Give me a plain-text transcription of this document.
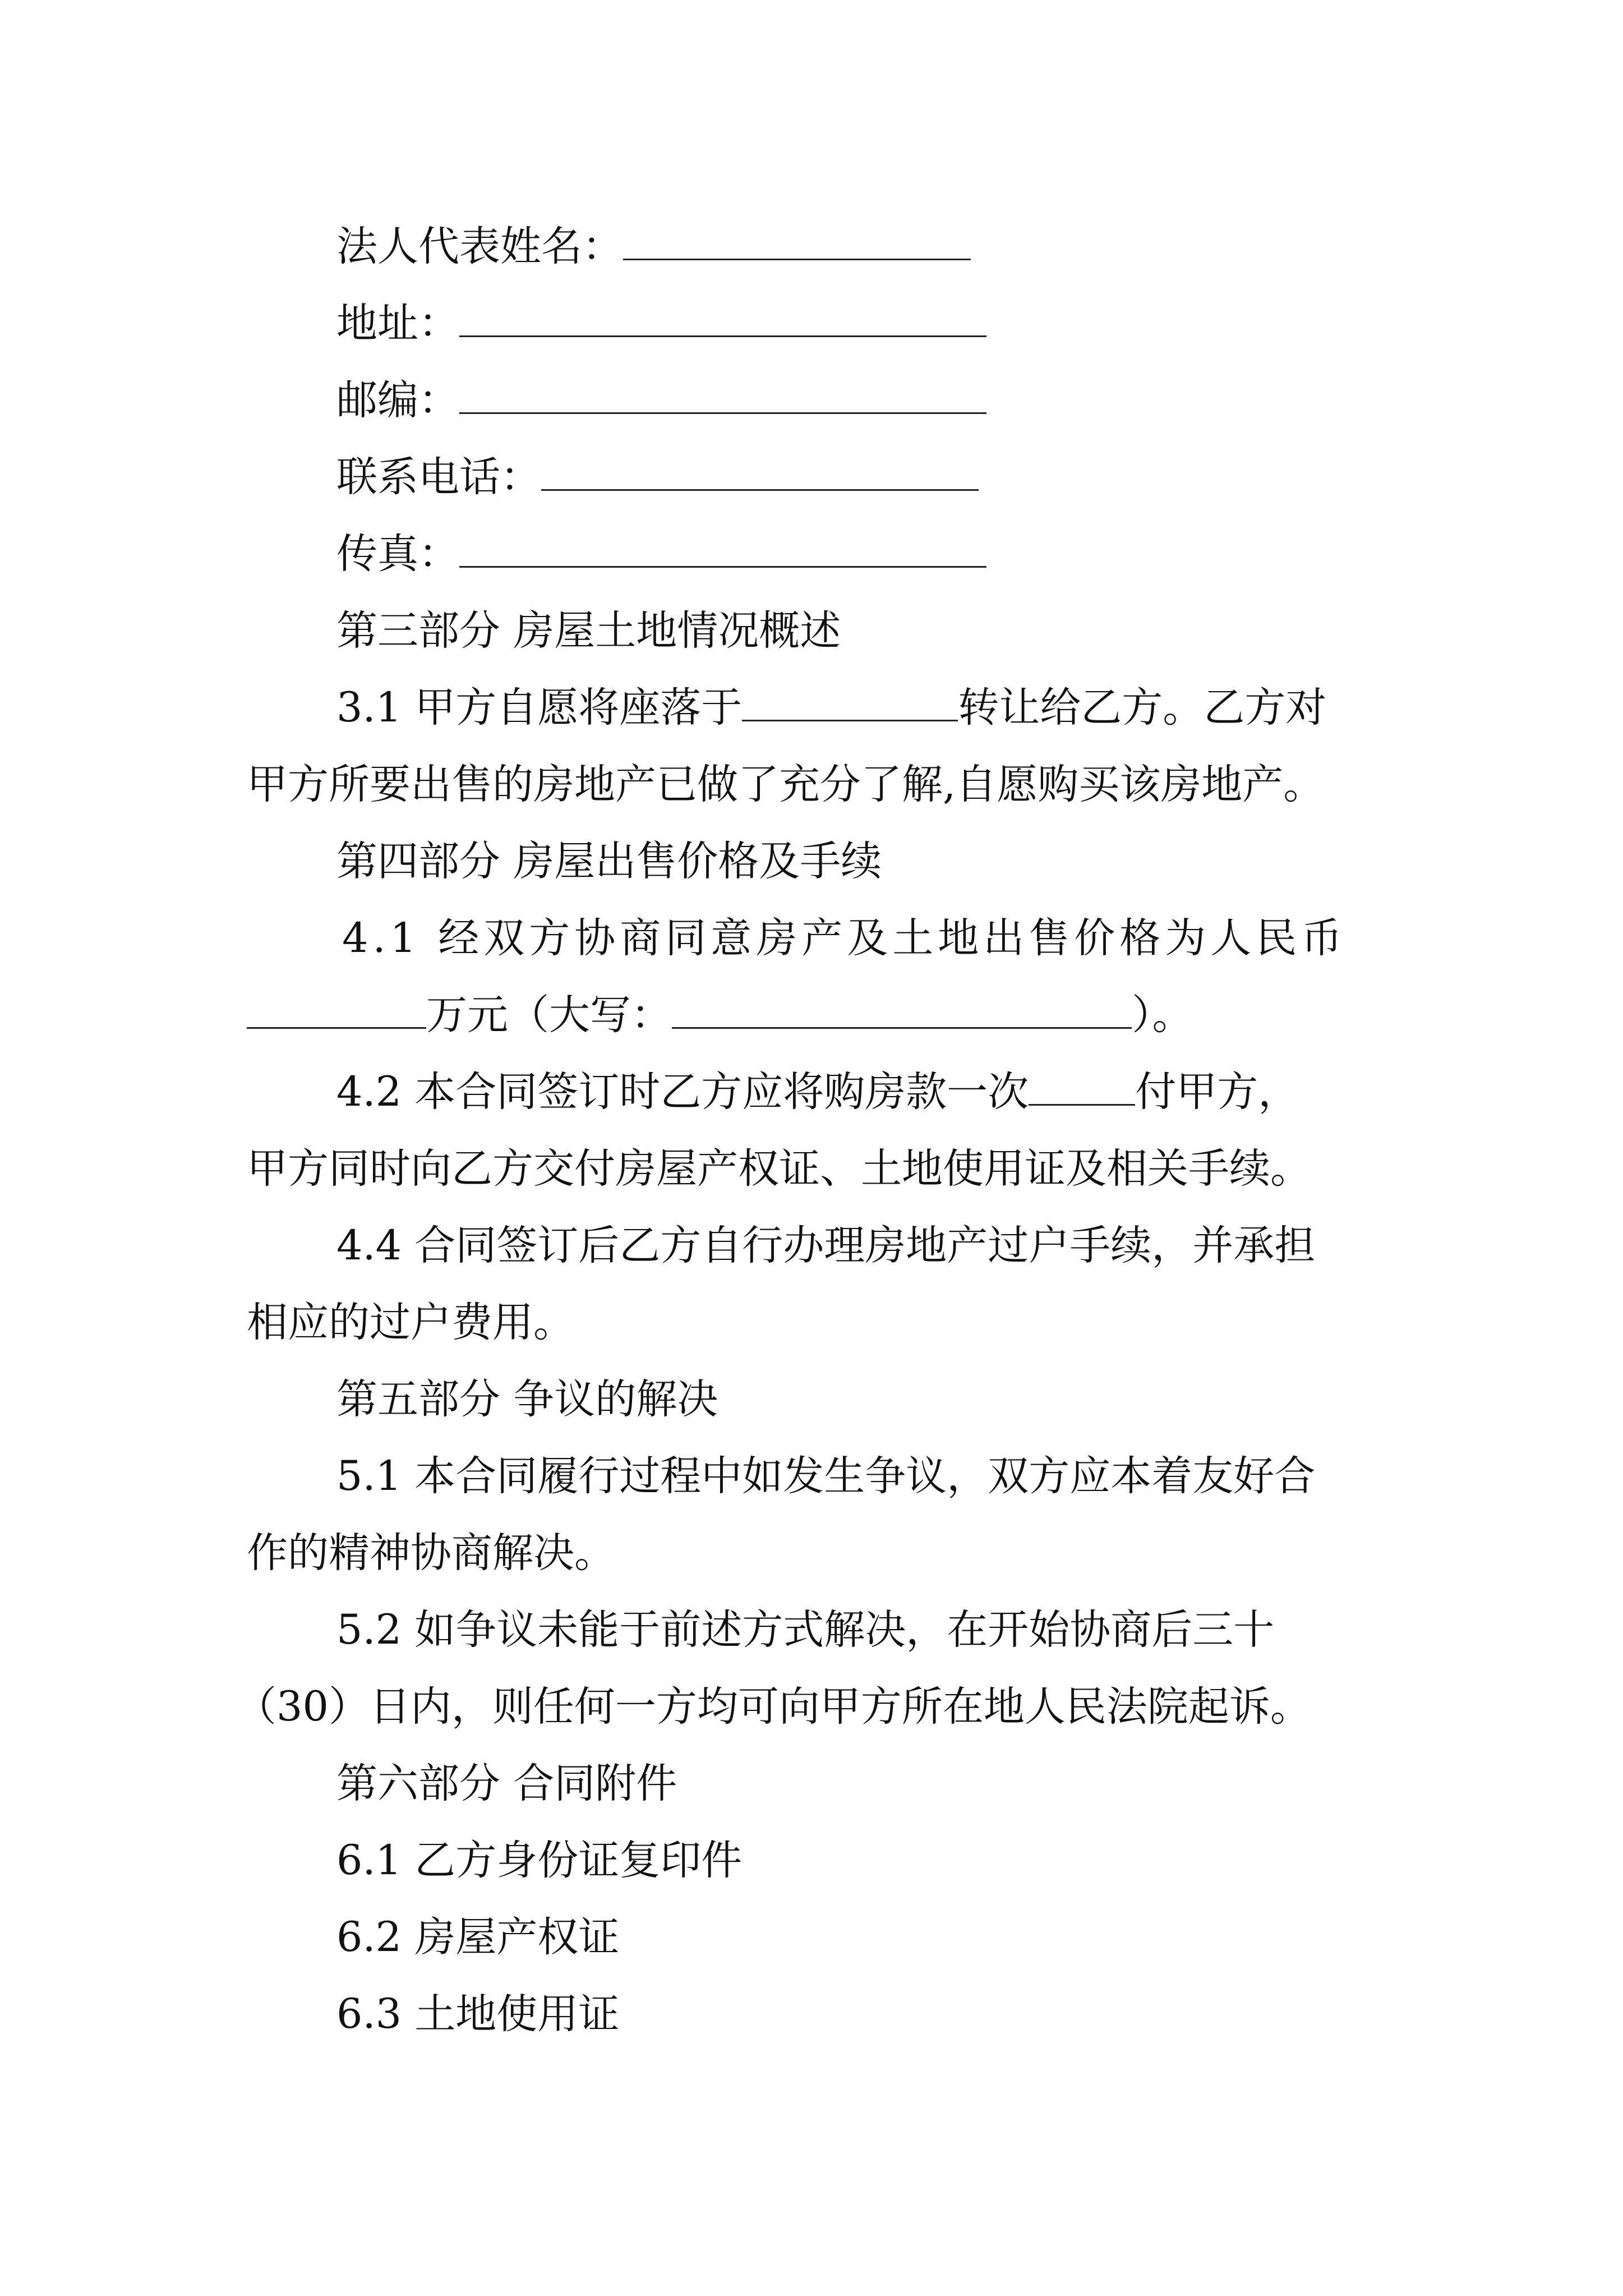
法人代表姓名：
地址：
邮编：
联系电话：
传真：
第三部分 房屋土地情况概述
3.1 甲方自愿将座落于	转让给乙方。乙方对
甲方所要出售的房地产已做了充分了解,自愿购买该房地产。
第四部分 房屋出售价格及手续
4.1 经双方协商同意房产及土地出售价格为人民币
万元（大写：	）。
4.2 本合同签订时乙方应将购房款一次	付甲方，
甲方同时向乙方交付房屋产权证、土地使用证及相关手续。
4.4 合同签订后乙方自行办理房地产过户手续，并承担
相应的过户费用。
第五部分 争议的解决
5.1 本合同履行过程中如发生争议，双方应本着友好合
作的精神协商解决。
5.2 如争议未能于前述方式解决，在开始协商后三十
（30）日内，则任何一方均可向甲方所在地人民法院起诉。
第六部分 合同附件
6.1 乙方身份证复印件
6.2 房屋产权证
6.3 土地使用证
